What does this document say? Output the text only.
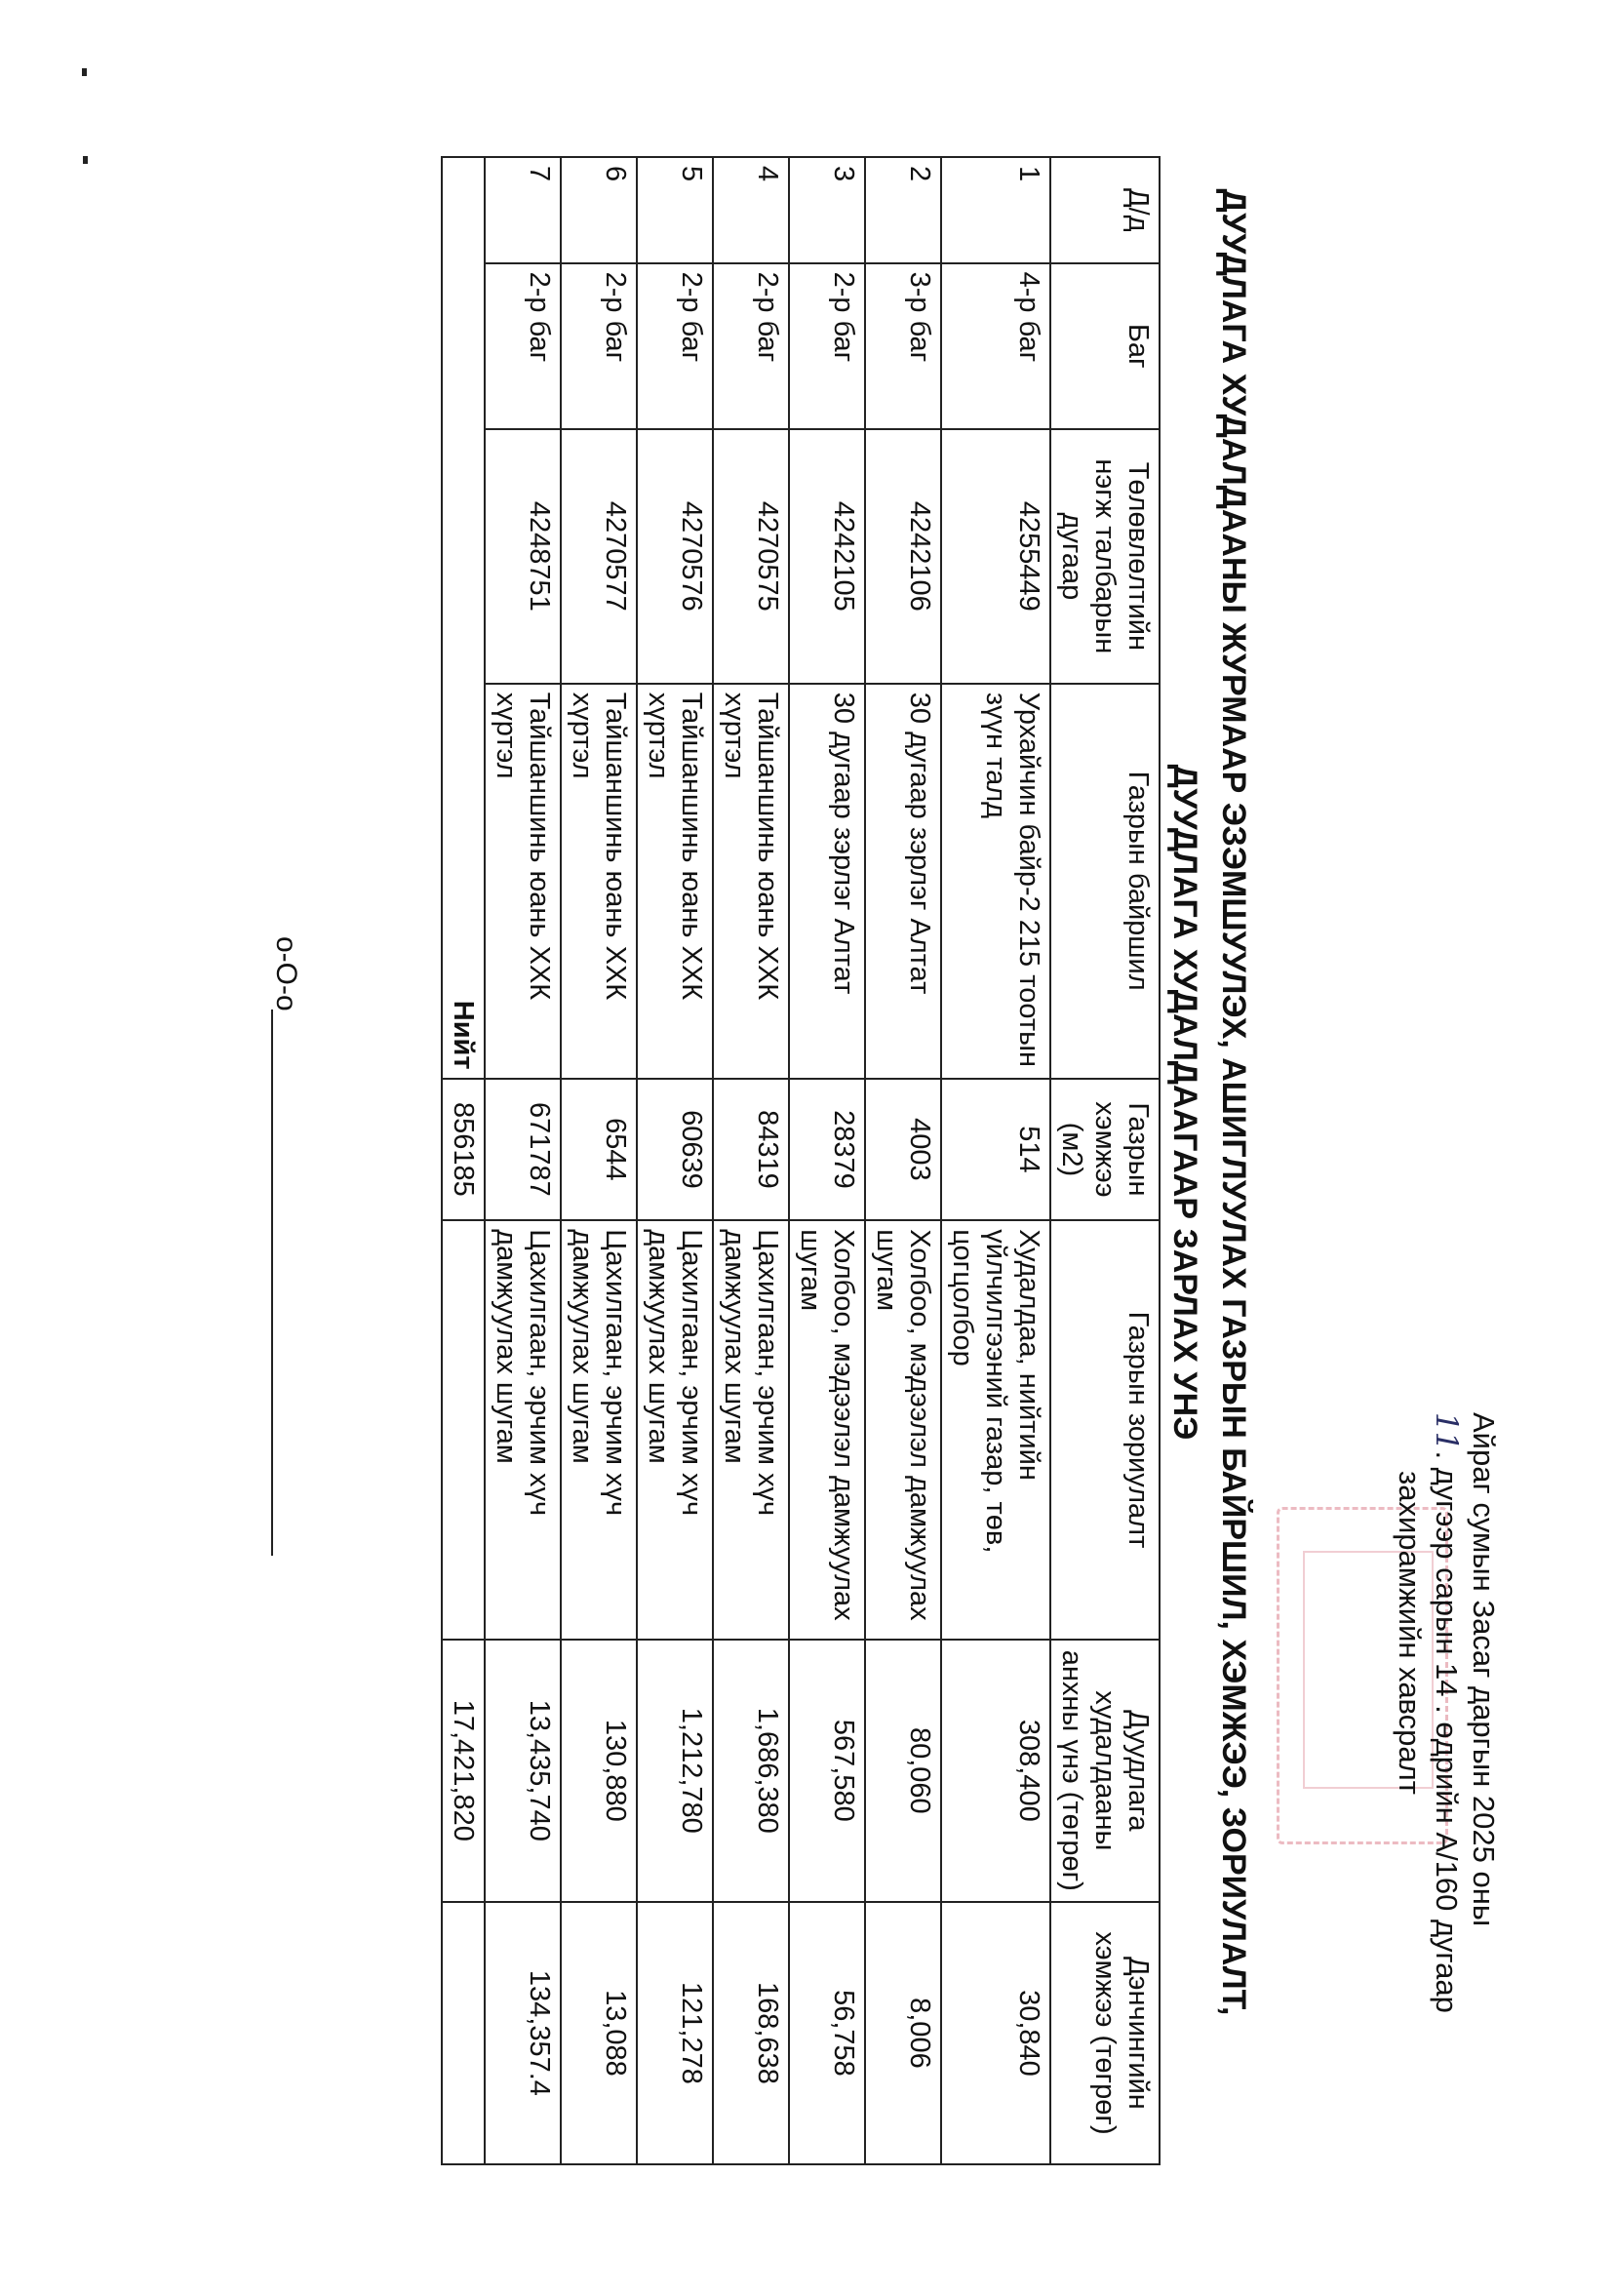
Айраг сумын Засаг даргын 2025 оны
11. дугээр сарын 14 . өдрийн A/160 дугаар
захирамжийн хавсралт
ДУУДЛАГА ХУДАЛДААНЫ ЖУРМААР ЭЗЭМШУУЛЭХ, АШИГЛУУЛАХ ГАЗРЫН БАЙРШИЛ, ХЭМЖЭЭ, ЗОРИУЛАЛТ,
ДУУДЛАГА ХУДАЛДААГААР ЗАРЛАХ УНЭ
Д/д	Баг	Төлөвлөлтийн нэгж талбарын дугаар	Газрын байршил	Газрын хэмжээ (м2)	Газрын зориулалт	Дуудлага худалдааны анхны үнэ (төгрөг)	Дэнчингийн хэмжээ (төгрөг)
1	4-р баг	4255449	Урхайчин байр-2 215 тоотын зүүн талд	514	Худалдаа, нийтийн үйлчилгээний газар, төв, цогцолбор	308,400	30,840
2	3-р баг	4242106	30 дугаар зэрлэг Алтат	4003	Холбоо, мэдээлэл дамжуулах шугам	80,060	8,006
3	2-р баг	4242105	30 дугаар зэрлэг Алтат	28379	Холбоо, мэдээлэл дамжуулах шугам	567,580	56,758
4	2-р баг	4270575	Тайшаншинь юань ХХК хүртэл	84319	Цахилгаан, эрчим хүч дамжуулах шугам	1,686,380	168,638
5	2-р баг	4270576	Тайшаншинь юань ХХК хүртэл	60639	Цахилгаан, эрчим хүч дамжуулах шугам	1,212,780	121,278
6	2-р баг	4270577	Тайшаншинь юань ХХК хүртэл	6544	Цахилгаан, эрчим хүч дамжуулах шугам	130,880	13,088
7	2-р баг	4248751	Тайшаншинь юань ХХК хүртэл	671787	Цахилгаан, эрчим хүч дамжуулах шугам	13,435,740	134,357.4
Нийт				856185		17,421,820	
o-O-o
